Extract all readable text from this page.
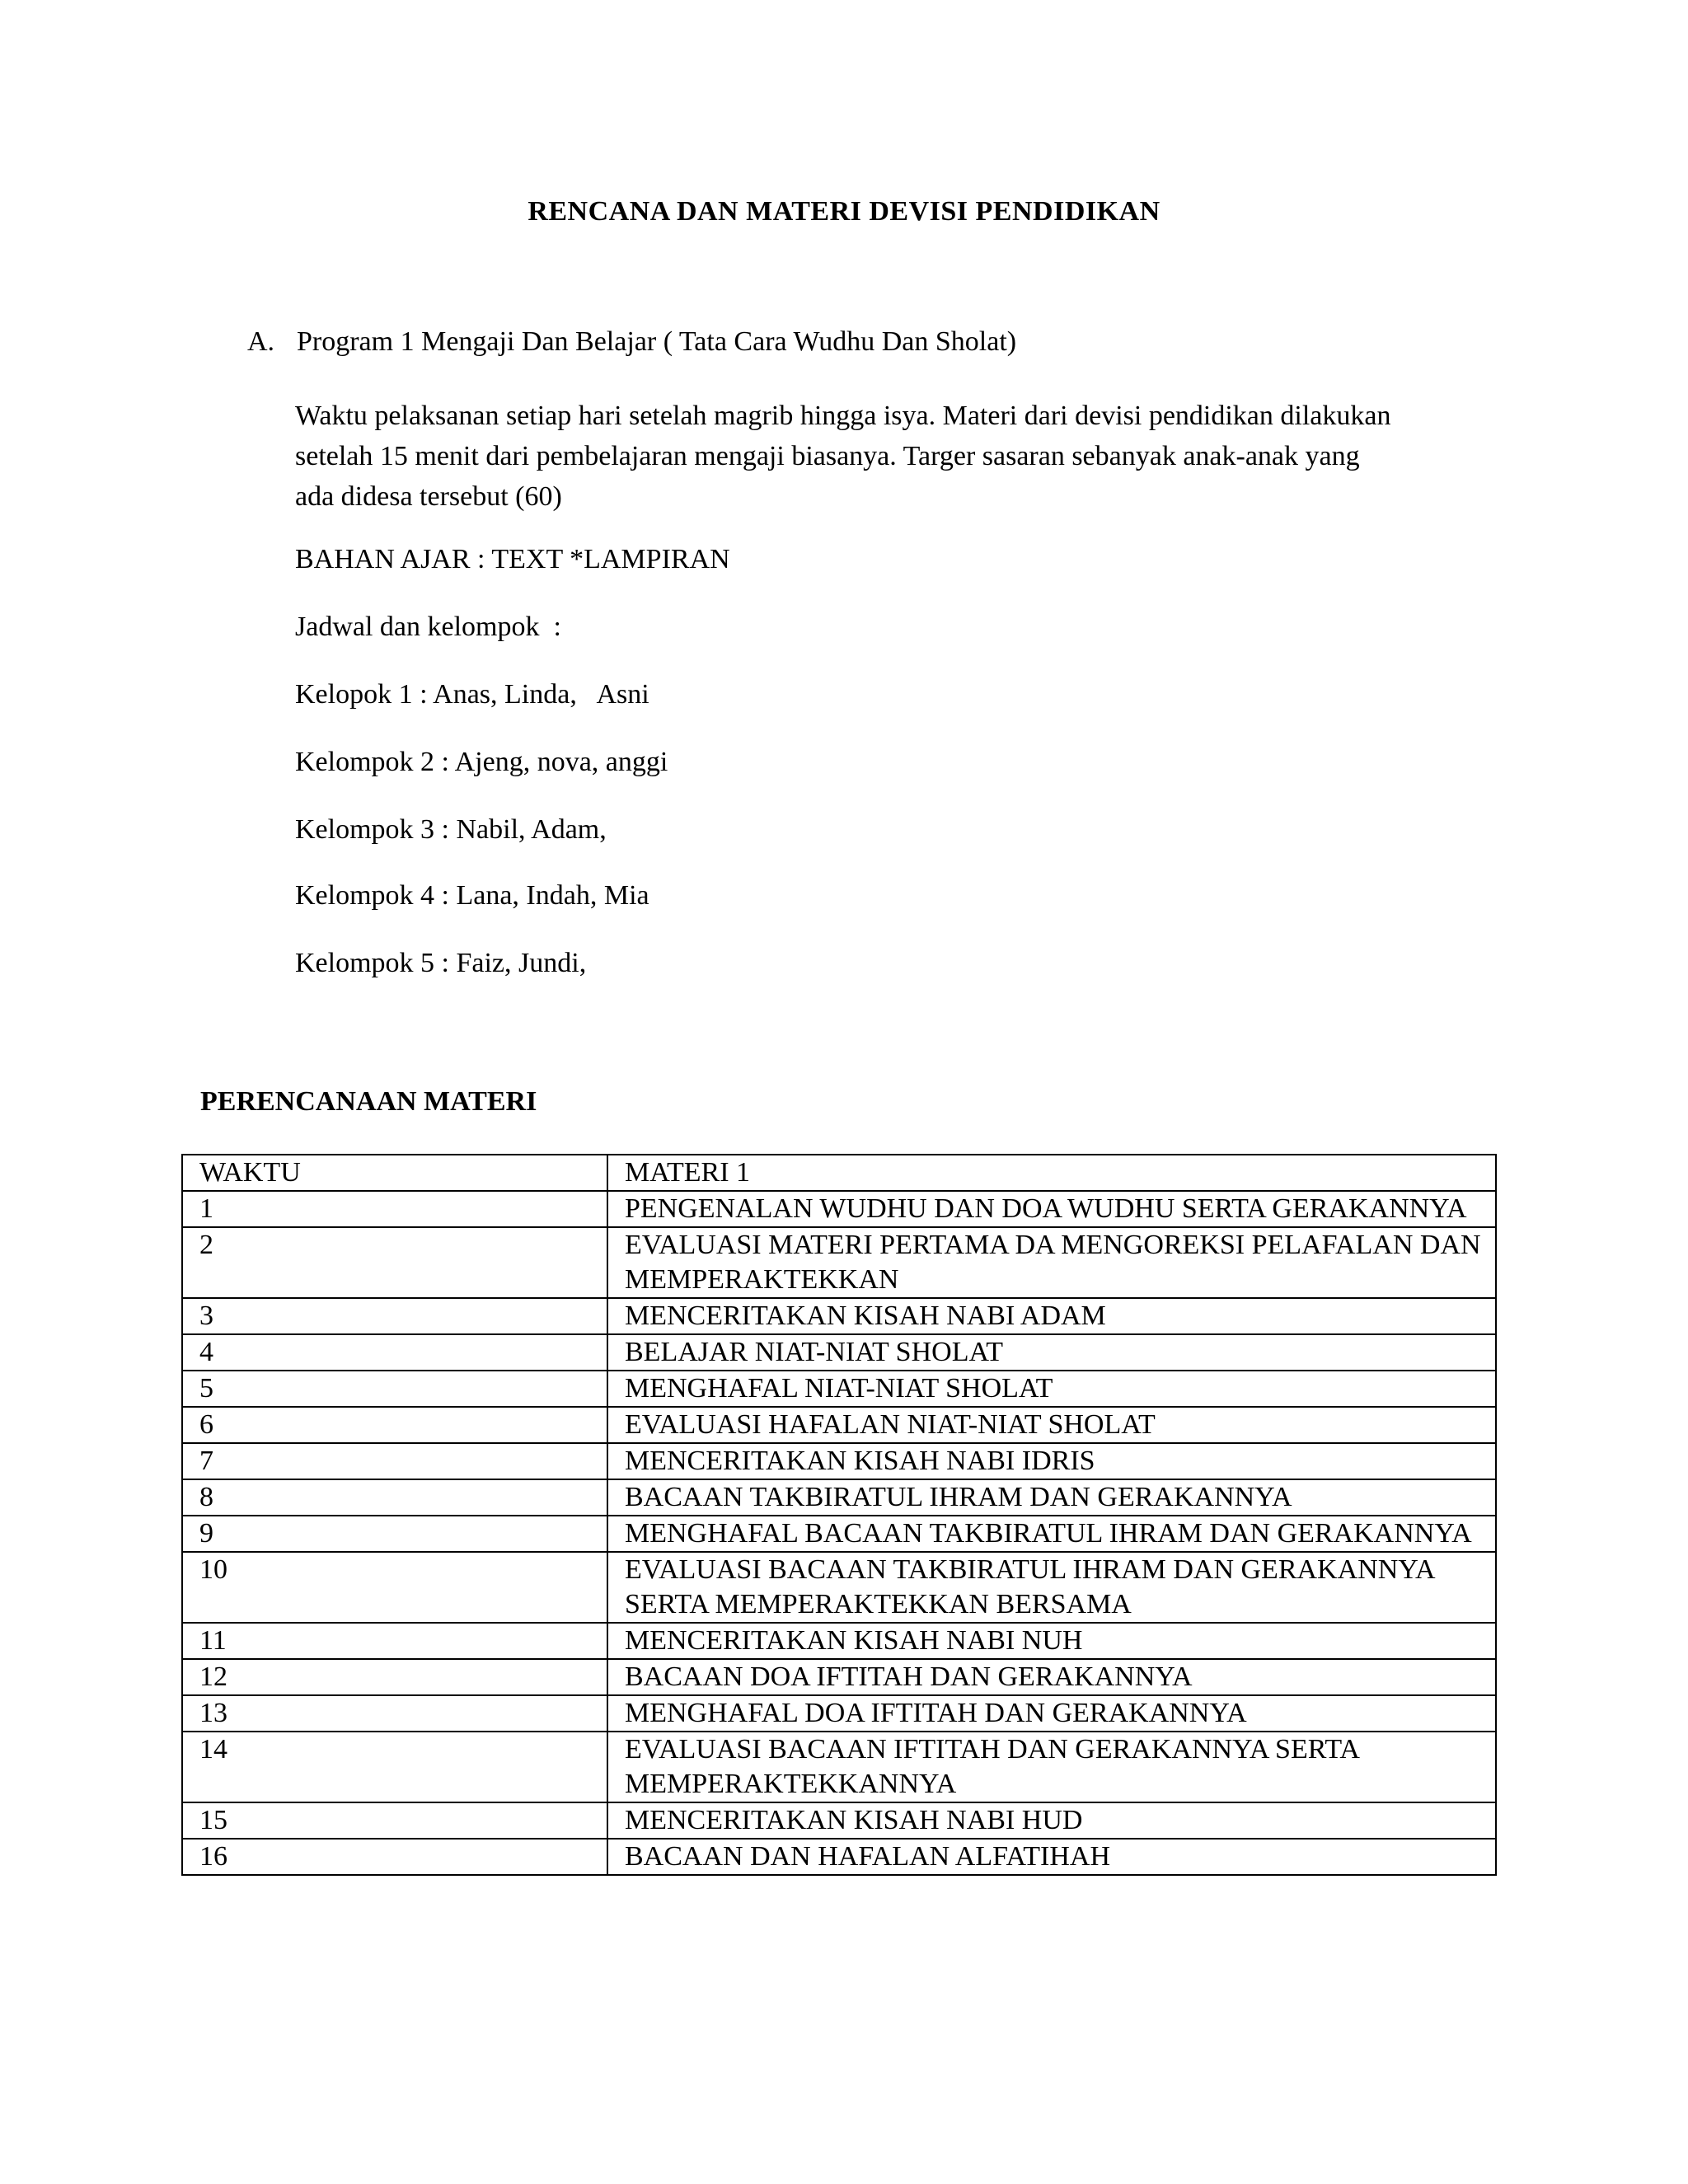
RENCANA DAN MATERI DEVISI PENDIDIKAN
A. Program 1 Mengaji Dan Belajar ( Tata Cara Wudhu Dan Sholat)
Waktu pelaksanan setiap hari setelah magrib hingga isya. Materi dari devisi pendidikan dilakukan
setelah 15 menit dari pembelajaran mengaji biasanya. Targer sasaran sebanyak anak-anak yang
ada didesa tersebut (60)
BAHAN AJAR : TEXT *LAMPIRAN
Jadwal dan kelompok  :
Kelopok 1 : Anas, Linda,   Asni
Kelompok 2 : Ajeng, nova, anggi
Kelompok 3 : Nabil, Adam,
Kelompok 4 : Lana, Indah, Mia
Kelompok 5 : Faiz, Jundi,
PERENCANAAN MATERI
WAKTU	MATERI 1
1	PENGENALAN WUDHU DAN DOA WUDHU SERTA GERAKANNYA
2	EVALUASI MATERI PERTAMA DA MENGOREKSI PELAFALAN DAN MEMPERAKTEKKAN
3	MENCERITAKAN KISAH NABI ADAM
4	BELAJAR NIAT-NIAT SHOLAT
5	MENGHAFAL NIAT-NIAT SHOLAT
6	EVALUASI HAFALAN NIAT-NIAT SHOLAT
7	MENCERITAKAN KISAH NABI IDRIS
8	BACAAN TAKBIRATUL IHRAM DAN GERAKANNYA
9	MENGHAFAL BACAAN TAKBIRATUL IHRAM DAN GERAKANNYA
10	EVALUASI BACAAN TAKBIRATUL IHRAM DAN GERAKANNYA SERTA MEMPERAKTEKKAN BERSAMA
11	MENCERITAKAN KISAH NABI NUH
12	BACAAN DOA IFTITAH DAN GERAKANNYA
13	MENGHAFAL DOA IFTITAH DAN GERAKANNYA
14	EVALUASI BACAAN IFTITAH DAN GERAKANNYA SERTA MEMPERAKTEKKANNYA
15	MENCERITAKAN KISAH NABI HUD
16	BACAAN DAN HAFALAN ALFATIHAH
